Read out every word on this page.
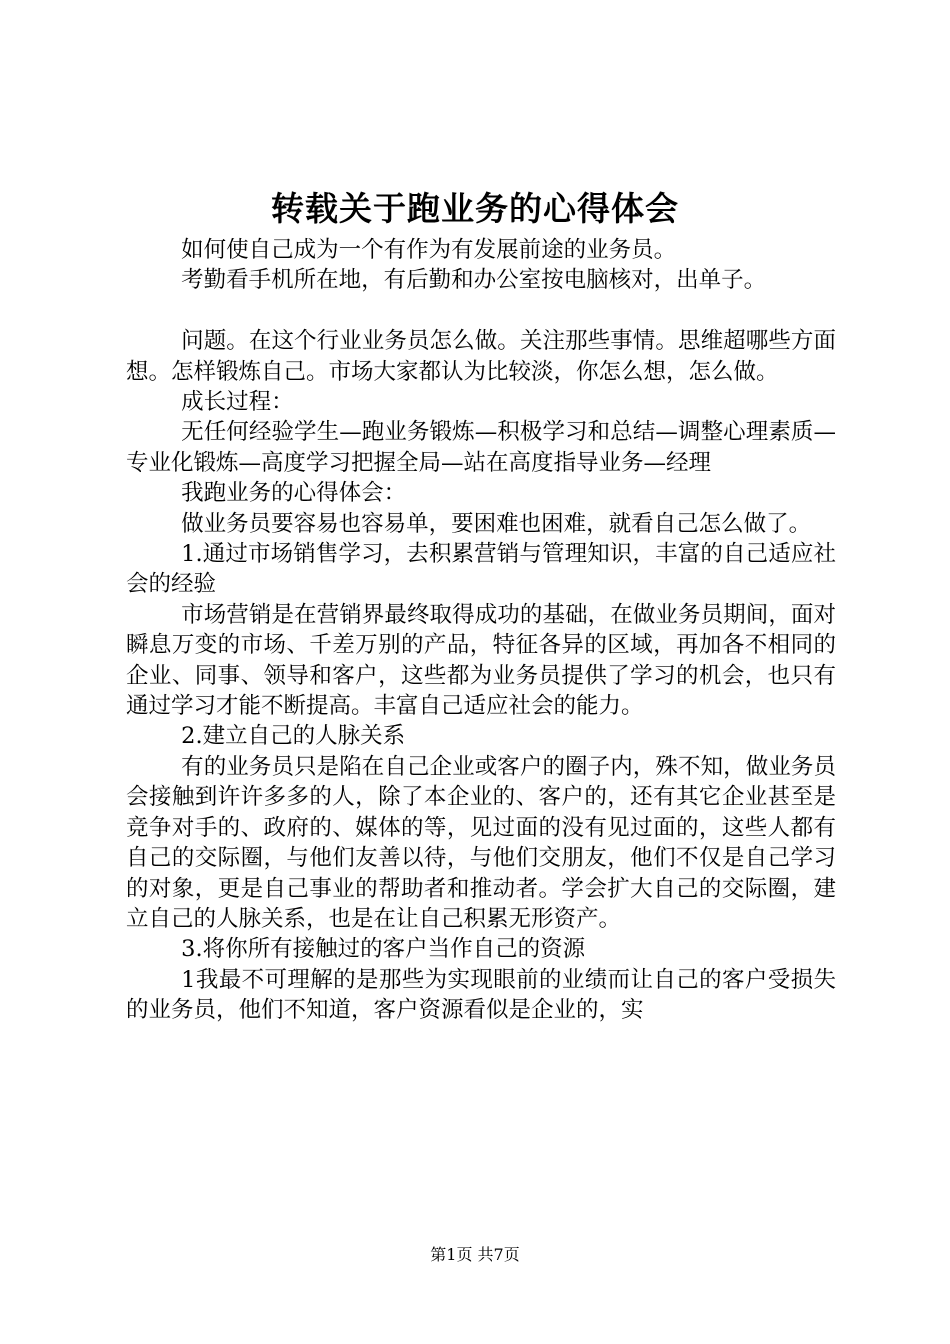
转载关于跑业务的心得体会

如何使自己成为一个有作为有发展前途的业务员。

考勤看手机所在地，有后勤和办公室按电脑核对，出单子。

问题。在这个行业业务员怎么做。关注那些事情。思维超哪些方面想。怎样锻炼自己。市场大家都认为比较淡，你怎么想，怎么做。

成长过程：

无任何经验学生—跑业务锻炼—积极学习和总结—调整心理素质—专业化锻炼—高度学习把握全局—站在高度指导业务—经理

我跑业务的心得体会：

做业务员要容易也容易单，要困难也困难，就看自己怎么做了。

1.通过市场销售学习，去积累营销与管理知识，丰富的自己适应社会的经验

市场营销是在营销界最终取得成功的基础，在做业务员期间，面对瞬息万变的市场、千差万别的产品，特征各异的区域，再加各不相同的企业、同事、领导和客户，这些都为业务员提供了学习的机会，也只有通过学习才能不断提高。丰富自己适应社会的能力。

2.建立自己的人脉关系

有的业务员只是陷在自己企业或客户的圈子内，殊不知，做业务员会接触到许许多多的人，除了本企业的、客户的，还有其它企业甚至是竞争对手的、政府的、媒体的等，见过面的没有见过面的，这些人都有自己的交际圈，与他们友善以待，与他们交朋友，他们不仅是自己学习的对象，更是自己事业的帮助者和推动者。学会扩大自己的交际圈，建立自己的人脉关系，也是在让自己积累无形资产。

3.将你所有接触过的客户当作自己的资源

1我最不可理解的是那些为实现眼前的业绩而让自己的客户受损失的业务员，他们不知道，客户资源看似是企业的，实

第1页 共7页
